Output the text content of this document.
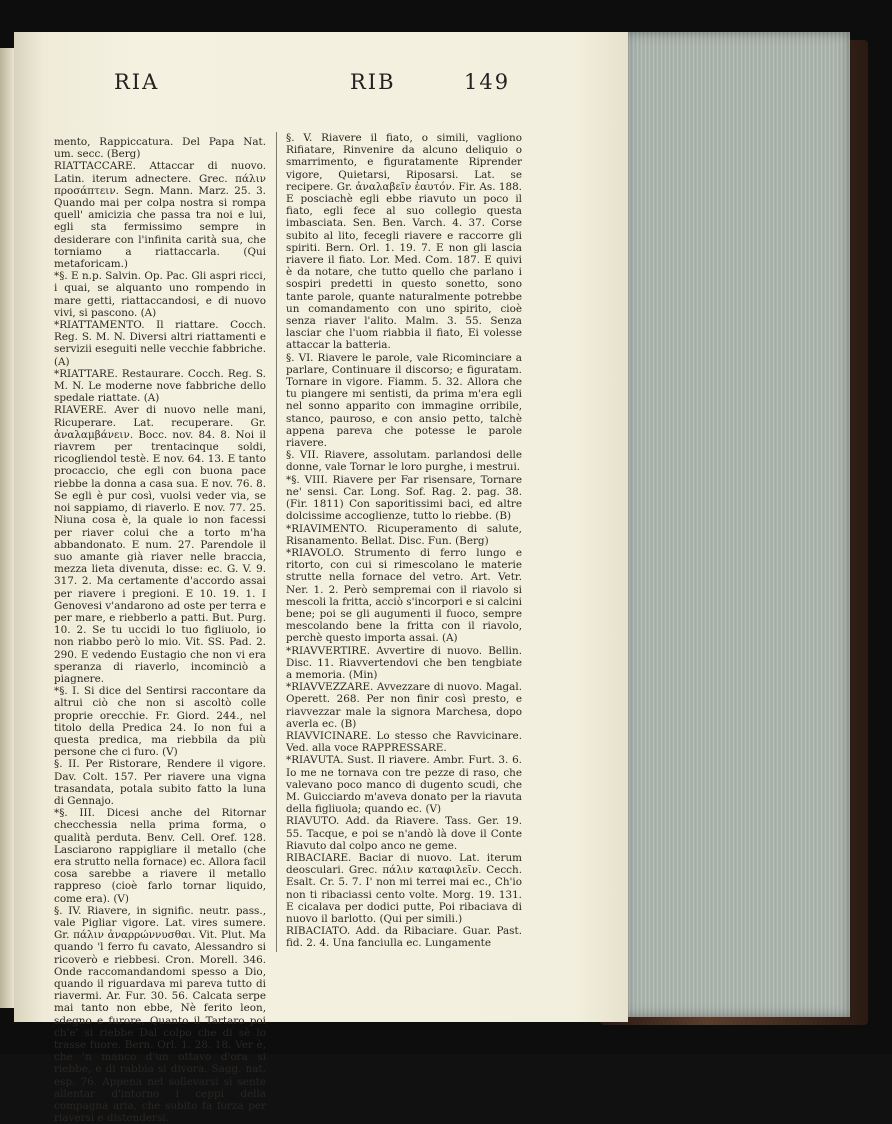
RIA	RIB	149

mento, Rappiccatura. Del Papa Nat. um. secc. (Berg)

RIATTACCARE. Attaccar di nuovo. Latin. iterum adnectere. Grec. πάλιν προσάπτειν. Segn. Mann. Marz. 25. 3. Quando mai per colpa nostra si rompa quell' amicizia che passa tra noi e lui, egli sta fermissimo sempre in desiderare con l'infinita carità sua, che torniamo a riattaccarla. (Qui metaforicam.)

*§. E n.p. Salvin. Op. Pac. Gli aspri ricci, i quai, se alquanto uno rompendo in mare getti, riattaccandosi, e di nuovo vivi, si pascono. (A)

*RIATTAMENTO. Il riattare. Cocch. Reg. S. M. N. Diversi altri riattamenti e servizii eseguiti nelle vecchie fabbriche. (A)

*RIATTARE. Restaurare. Cocch. Reg. S. M. N. Le moderne nove fabbriche dello spedale riattate. (A)

RIAVERE. Aver di nuovo nelle mani, Ricuperare. Lat. recuperare. Gr. ἀναλαμβάνειν. Bocc. nov. 84. 8. Noi il riavrem per trentacinque soldi, ricogliendol testè. E nov. 64. 13. E tanto procaccio, che egli con buona pace riebbe la donna a casa sua. E nov. 76. 8. Se egli è pur così, vuolsi veder via, se noi sappiamo, di riaverlo. E nov. 77. 25. Niuna cosa è, la quale io non facessi per riaver colui che a torto m'ha abbandonato. E num. 27. Parendole il suo amante già riaver nelle braccia, mezza lieta divenuta, disse: ec. G. V. 9. 317. 2. Ma certamente d'accordo assai per riavere i pregioni. E 10. 19. 1. I Genovesi v'andarono ad oste per terra e per mare, e riebberlo a patti. But. Purg. 10. 2. Se tu uccidi lo tuo figliuolo, io non riabbo però lo mio. Vit. SS. Pad. 2. 290. E vedendo Eustagio che non vi era speranza di riaverlo, incominciò a piagnere.

*§. I. Si dice del Sentirsi raccontare da altrui ciò che non si ascoltò colle proprie orecchie. Fr. Giord. 244., nel titolo della Predica 24. Io non fui a questa predica, ma riebbila da più persone che ci furo. (V)

§. II. Per Ristorare, Rendere il vigore. Dav. Colt. 157. Per riavere una vigna trasandata, potala subito fatto la luna di Gennajo.

*§. III. Dicesi anche del Ritornar checchessia nella prima forma, o qualità perduta. Benv. Cell. Oref. 128. Lasciarono rappigliare il metallo (che era strutto nella fornace) ec. Allora facil cosa sarebbe a riavere il metallo rappreso (cioè farlo tornar liquido, come era). (V)

§. IV. Riavere, in signific. neutr. pass., vale Pigliar vigore. Lat. vires sumere. Gr. πάλιν ἀναρρώννυσθαι. Vit. Plut. Ma quando 'l ferro fu cavato, Alessandro si ricoverò e riebbesi. Cron. Morell. 346. Onde raccomandandomi spesso a Dio, quando il riguardava mi pareva tutto di riavermi. Ar. Fur. 30. 56. Calcata serpe mai tanto non ebbe, Nè ferito leon, sdegno e furore, Quanto il Tartaro poi ch'e' si riebbe Dal colpo che di sè lo trasse fuore. Bern. Orl. 1. 28. 18. Ver è, che 'n manco d'un ottavo d'ora si riebbe, e di rabbia si divora. Sagg. nat. esp. 76. Appena nel sollevarsi si sente allentar d'intorno i ceppi della compagna aria, che subito fa forza per riaversi e distendersi.

§. V. Riavere il fiato, o simili, vagliono Rifiatare, Rinvenire da alcuno deliquio o smarrimento, e figuratamente Riprender vigore, Quietarsi, Riposarsi. Lat. se recipere. Gr. ἀναλαβεῖν ἑαυτόν. Fir. As. 188. E posciachè egli ebbe riavuto un poco il fiato, egli fece al suo collegio questa imbasciata. Sen. Ben. Varch. 4. 37. Corse subito al lito, fecegli riavere e raccorre gli spiriti. Bern. Orl. 1. 19. 7. E non gli lascia riavere il fiato. Lor. Med. Com. 187. E quivi è da notare, che tutto quello che parlano i sospiri predetti in questo sonetto, sono tante parole, quante naturalmente potrebbe un comandamento con uno spirito, cioè senza riaver l'alito. Malm. 3. 55. Senza lasciar che l'uom riabbia il fiato, Ei volesse attaccar la batteria.

§. VI. Riavere le parole, vale Ricominciare a parlare, Continuare il discorso; e figuratam. Tornare in vigore. Fiamm. 5. 32. Allora che tu piangere mi sentisti, da prima m'era egli nel sonno apparito con immagine orribile, stanco, pauroso, e con ansio petto, talchè appena pareva che potesse le parole riavere.

§. VII. Riavere, assolutam. parlandosi delle donne, vale Tornar le loro purghe, i mestrui.

*§. VIII. Riavere per Far risensare, Tornare ne' sensi. Car. Long. Sof. Rag. 2. pag. 38. (Fir. 1811) Con saporitissimi baci, ed altre dolcissime accoglienze, tutto lo riebbe. (B)

*RIAVIMENTO. Ricuperamento di salute, Risanamento. Bellat. Disc. Fun. (Berg)

*RIAVOLO. Strumento di ferro lungo e ritorto, con cui si rimescolano le materie strutte nella fornace del vetro. Art. Vetr. Ner. 1. 2. Però sempremai con il riavolo si mescoli la fritta, acciò s'incorpori e si calcini bene; poi se gli augumenti il fuoco, sempre mescolando bene la fritta con il riavolo, perchè questo importa assai. (A)

*RIAVVERTIRE. Avvertire di nuovo. Bellin. Disc. 11. Riavvertendovi che ben tengbiate a memoria. (Min)

*RIAVVEZZARE. Avvezzare di nuovo. Magal. Operett. 268. Per non finir così presto, e riavvezzar male la signora Marchesa, dopo averla ec. (B)

RIAVVICINARE. Lo stesso che Ravvicinare. Ved. alla voce RAPPRESSARE.

*RIAVUTA. Sust. Il riavere. Ambr. Furt. 3. 6. Io me ne tornava con tre pezze di raso, che valevano poco manco di dugento scudi, che M. Guicciardo m'aveva donato per la riavuta della figliuola; quando ec. (V)

RIAVUTO. Add. da Riavere. Tass. Ger. 19. 55. Tacque, e poi se n'andò là dove il Conte Riavuto dal colpo anco ne geme.

RIBACIARE. Baciar di nuovo. Lat. iterum deosculari. Grec. πάλιν καταφιλεῖν. Cecch. Esalt. Cr. 5. 7. I' non mi terrei mai ec., Ch'io non ti ribaciassi cento volte. Morg. 19. 131. E cicalava per dodici putte, Poi ribaciava di nuovo il barlotto. (Qui per simili.)

RIBACIATO. Add. da Ribaciare. Guar. Past. fid. 2. 4. Una fanciulla ec. Lungamente
